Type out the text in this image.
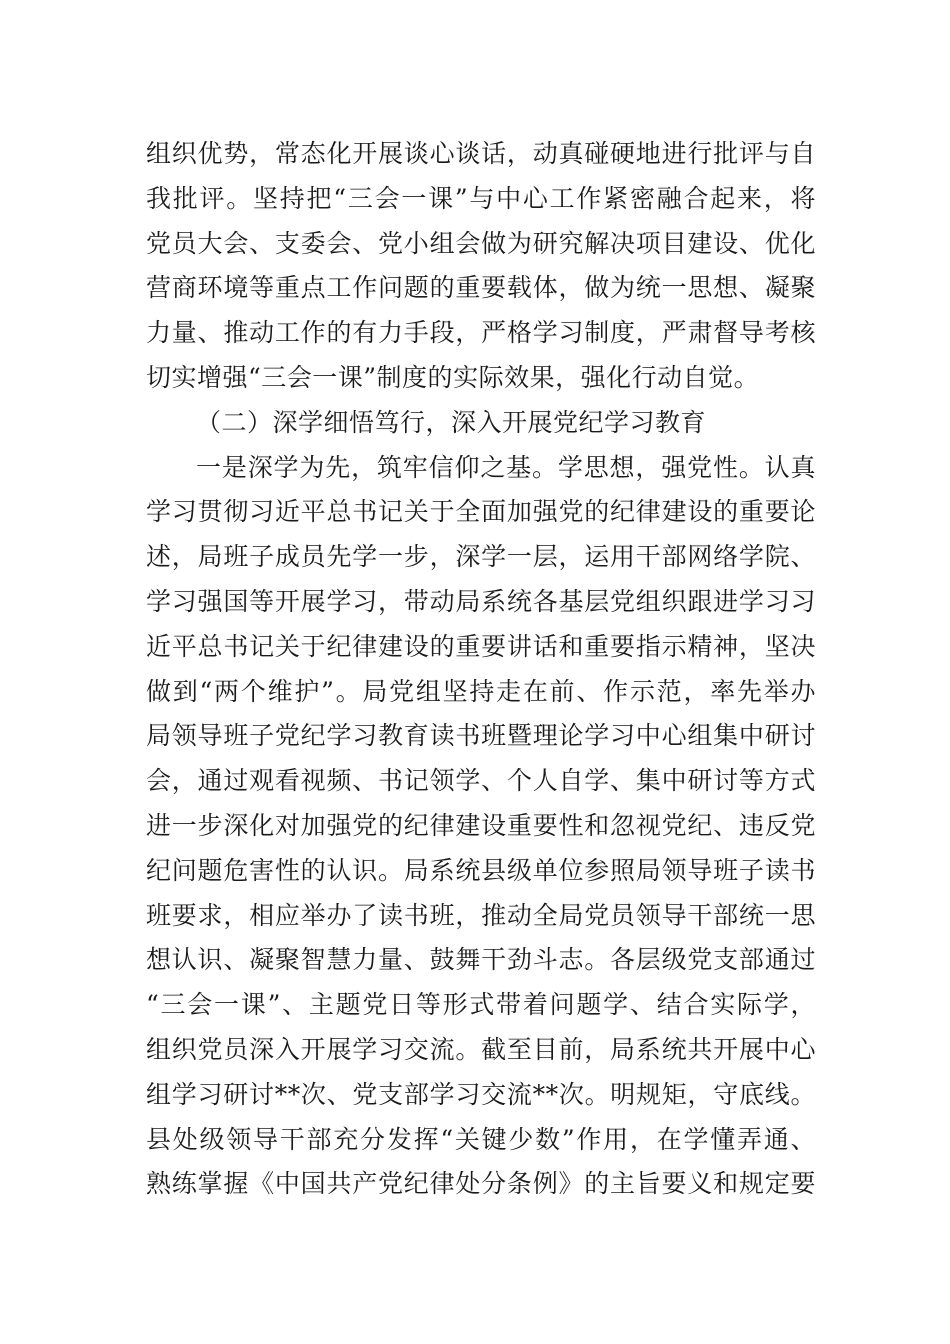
组织优势，常态化开展谈心谈话，动真碰硬地进行批评与自
我批评。坚持把“三会一课”与中心工作紧密融合起来，将
党员大会、支委会、党小组会做为研究解决项目建设、优化
营商环境等重点工作问题的重要载体，做为统一思想、凝聚
力量、推动工作的有力手段，严格学习制度，严肃督导考核
切实增强“三会一课”制度的实际效果，强化行动自觉。
（二）深学细悟笃行，深入开展党纪学习教育
一是深学为先，筑牢信仰之基。学思想，强党性。认真
学习贯彻习近平总书记关于全面加强党的纪律建设的重要论
述，局班子成员先学一步，深学一层，运用干部网络学院、
学习强国等开展学习，带动局系统各基层党组织跟进学习习
近平总书记关于纪律建设的重要讲话和重要指示精神，坚决
做到“两个维护”。局党组坚持走在前、作示范，率先举办
局领导班子党纪学习教育读书班暨理论学习中心组集中研讨
会，通过观看视频、书记领学、个人自学、集中研讨等方式
进一步深化对加强党的纪律建设重要性和忽视党纪、违反党
纪问题危害性的认识。局系统县级单位参照局领导班子读书
班要求，相应举办了读书班，推动全局党员领导干部统一思
想认识、凝聚智慧力量、鼓舞干劲斗志。各层级党支部通过
“三会一课”、主题党日等形式带着问题学、结合实际学，
组织党员深入开展学习交流。截至目前，局系统共开展中心
组学习研讨**次、党支部学习交流**次。明规矩，守底线。
县处级领导干部充分发挥“关键少数”作用，在学懂弄通、
熟练掌握《中国共产党纪律处分条例》的主旨要义和规定要
